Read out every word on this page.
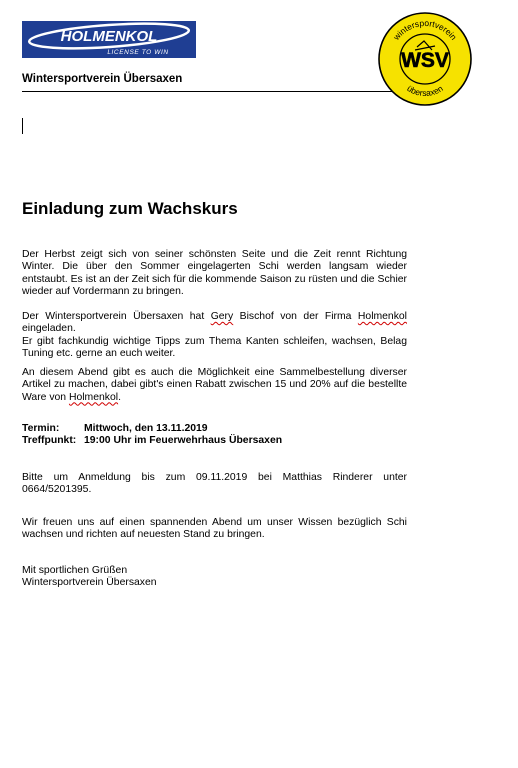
HOLMENKOL
LICENSE TO WIN
Wintersportverein Übersaxen
wintersportverein
übersaxen
WSV
Einladung zum Wachskurs

Der Herbst zeigt sich von seiner schönsten Seite und die Zeit rennt Richtung Winter. Die über den Sommer eingelagerten Schi werden langsam wieder entstaubt. Es ist an der Zeit sich für die kommende Saison zu rüsten und die Schier wieder auf Vordermann zu bringen.

Der Wintersportverein Übersaxen hat Gery Bischof von der Firma Holmenkol eingeladen.
Er gibt fachkundig wichtige Tipps zum Thema Kanten schleifen, wachsen, Belag Tuning etc. gerne an euch weiter.
An diesem Abend gibt es auch die Möglichkeit eine Sammelbestellung diverser Artikel zu machen, dabei gibt's einen Rabatt zwischen 15 und 20% auf die bestellte Ware von Holmenkol.
Termin: Mittwoch, den 13.11.2019
Treffpunkt: 19:00 Uhr im Feuerwehrhaus Übersaxen

Bitte um Anmeldung bis zum 09.11.2019 bei Matthias Rinderer unter 0664/5201395.

Wir freuen uns auf einen spannenden Abend um unser Wissen bezüglich Schi wachsen und richten auf neuesten Stand zu bringen.

Mit sportlichen Grüßen
Wintersportverein Übersaxen
